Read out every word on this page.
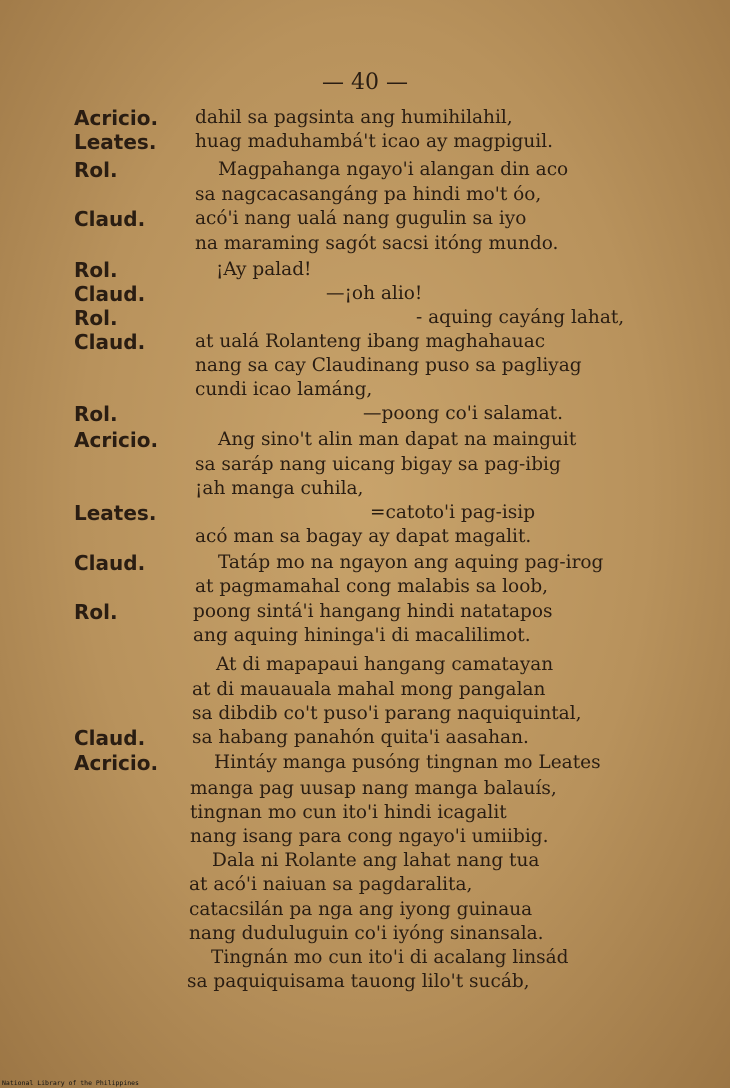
— 40 —
Acricio. dahil sa pagsinta ang humihilahil,
Leates. huag maduhambá't icao ay magpiguil.
Rol.	Magpahanga ngayo'i alangan din aco
sa nagcacasangáng pa hindi mo't óo,
Claud.	acó'i nang ualá nang gugulin sa iyo
na maraming sagót sacsi itóng mundo.
Rol.	¡Ay palad!
Claud.	—¡oh alio!
Rol.	- aquing cayáng lahat,
Claud.	at ualá Rolanteng ibang maghahauac
nang sa cay Claudinang puso sa pagliyag
cundi icao lamáng,
Rol.	—poong co'i salamat.
Acricio.	Ang sino't alin man dapat na mainguit
sa saráp nang uicang bigay sa pag-ibig
¡ah manga cuhila,
Leates.	=catoto'i pag-isip
acó man sa bagay ay dapat magalit.
Claud.	Tatáp mo na ngayon ang aquing pag-irog
at pagmamahal cong malabis sa loob,
Rol.	poong sintá'i hangang hindi natatapos
ang aquing hininga'i di macalilimot.
At di mapapaui hangang camatayan
at di mauauala mahal mong pangalan
sa dibdib co't puso'i parang naquiquintal,
Claud.	sa habang panahón quita'i aasahan.
Acricio.	Hintáy manga pusóng tingnan mo Leates
manga pag uusap nang manga balauís,
tingnan mo cun ito'i hindi icagalit
nang isang para cong ngayo'i umiibig.
Dala ni Rolante ang lahat nang tua
at acó'i naiuan sa pagdaralita,
catacsilán pa nga ang iyong guinaua
nang duduluguin co'i iyóng sinansala.
Tingnán mo cun ito'i di acalang linsád
sa paquiquisama tauong lilo't sucáb,
National Library of the Philippines
